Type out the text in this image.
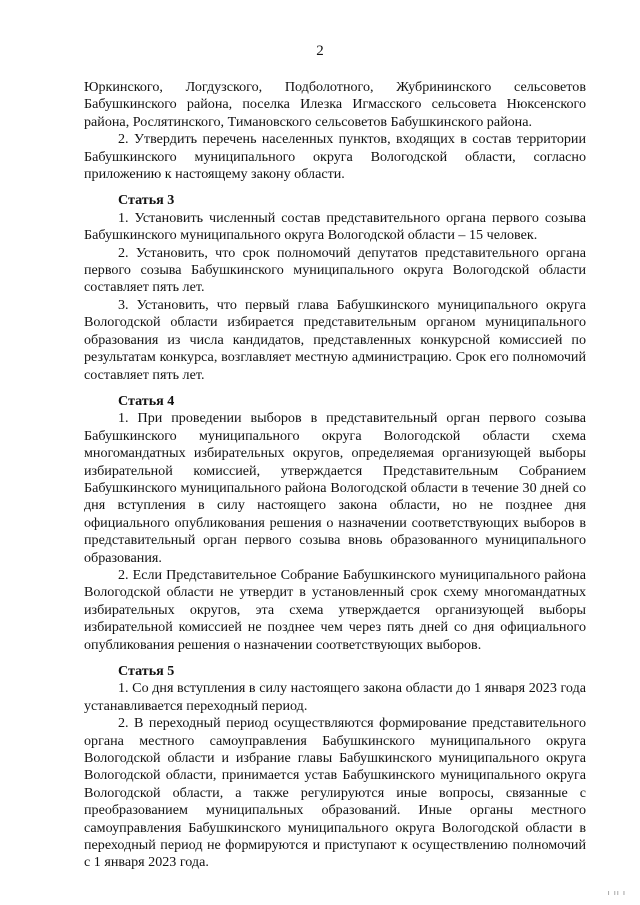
2

Юркинского, Логдузского, Подболотного, Жубрининского сельсоветов Бабушкинского района, поселка Илезка Игмасского сельсовета Нюксенского района, Рослятинского, Тимановского сельсоветов Бабушкинского района.

2. Утвердить перечень населенных пунктов, входящих в состав территории Бабушкинского муниципального округа Вологодской области, согласно приложению к настоящему закону области.

Статья 3

1. Установить численный состав представительного органа первого созыва Бабушкинского муниципального округа Вологодской области – 15 человек.

2. Установить, что срок полномочий депутатов представительного органа первого созыва Бабушкинского муниципального округа Вологодской области составляет пять лет.

3. Установить, что первый глава Бабушкинского муниципального округа Вологодской области избирается представительным органом муниципального образования из числа кандидатов, представленных конкурсной комиссией по результатам конкурса, возглавляет местную администрацию. Срок его полномочий составляет пять лет.

Статья 4

1. При проведении выборов в представительный орган первого созыва Бабушкинского муниципального округа Вологодской области схема многомандатных избирательных округов, определяемая организующей выборы избирательной комиссией, утверждается Представительным Собранием Бабушкинского муниципального района Вологодской области в течение 30 дней со дня вступления в силу настоящего закона области, но не позднее дня официального опубликования решения о назначении соответствующих выборов в представительный орган первого созыва вновь образованного муниципального образования.

2. Если Представительное Собрание Бабушкинского муниципального района Вологодской области не утвердит в установленный срок схему многомандатных избирательных округов, эта схема утверждается организующей выборы избирательной комиссией не позднее чем через пять дней со дня официального опубликования решения о назначении соответствующих выборов.

Статья 5

1. Со дня вступления в силу настоящего закона области до 1 января 2023 года устанавливается переходный период.

2. В переходный период осуществляются формирование представительного органа местного самоуправления Бабушкинского муниципального округа Вологодской области и избрание главы Бабушкинского муниципального округа Вологодской области, принимается устав Бабушкинского муниципального округа Вологодской области, а также регулируются иные вопросы, связанные с преобразованием муниципальных образований. Иные органы местного самоуправления Бабушкинского муниципального округа Вологодской области в переходный период не формируются и приступают к осуществлению полномочий с 1 января 2023 года.

ı ıı ı
